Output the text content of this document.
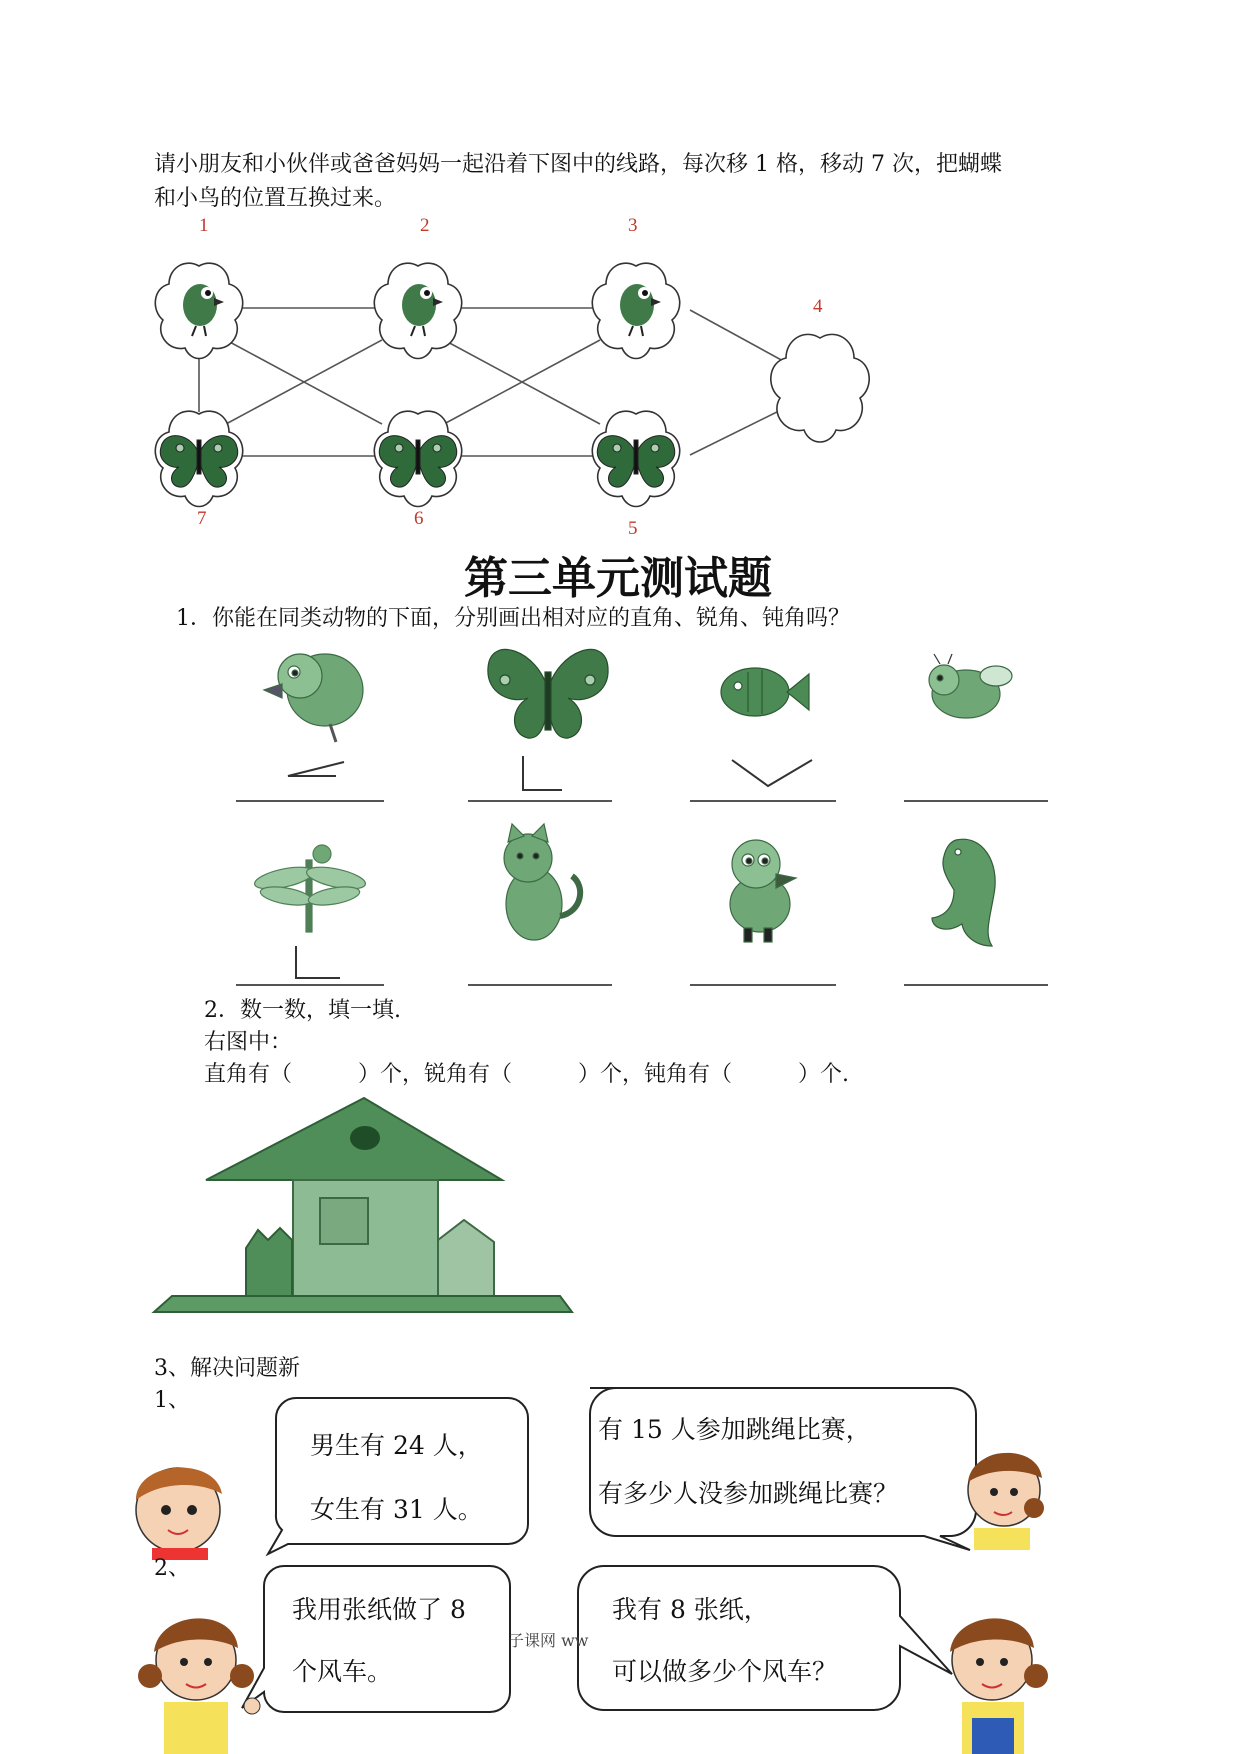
请小朋友和小伙伴或爸爸妈妈一起沿着下图中的线路，每次移 1 格，移动 7 次，把蝴蝶
和小鸟的位置互换过来。
1	2	3
4
5
6
7
第三单元测试题
1．你能在同类动物的下面，分别画出相对应的直角、锐角、钝角吗？
2．数一数，填一填.
右图中：
直角有（　　　）个，锐角有（　　　）个，钝角有（　　　）个.
3、解决问题新
1、
男生有 24 人，
女生有 31 人。
有 15 人参加跳绳比赛，
有多少人没参加跳绳比赛？
2、
我用张纸做了 8
个风车。
我有 8 张纸，
可以做多少个风车？
子课网 ww
